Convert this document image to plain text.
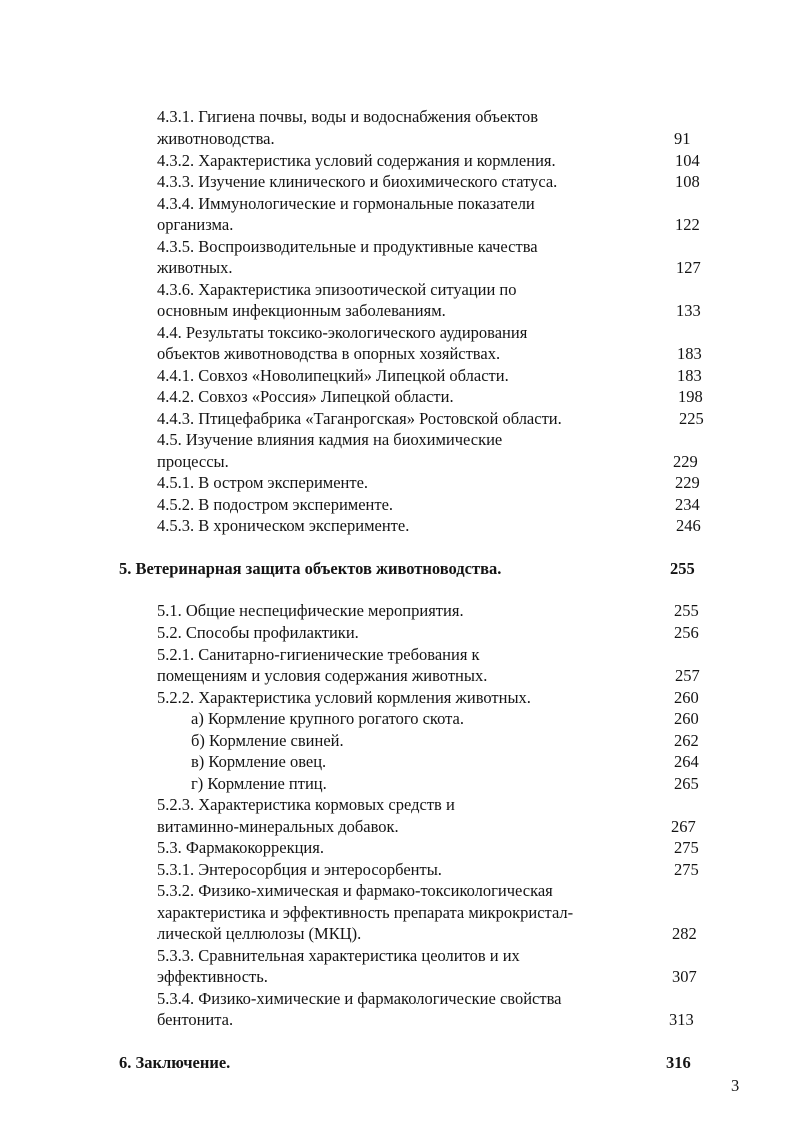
4.3.1. Гигиена почвы, воды и водоснабжения объектов
животноводства.	91
4.3.2. Характеристика условий содержания и кормления.	104
4.3.3. Изучение клинического и биохимического статуса.	108
4.3.4. Иммунологические и гормональные показатели
организма.	122
4.3.5. Воспроизводительные и продуктивные качества
животных.	127
4.3.6. Характеристика эпизоотической ситуации по
основным инфекционным заболеваниям.	133
4.4. Результаты токсико-экологического аудирования
объектов животноводства в опорных хозяйствах.	183
4.4.1. Совхоз «Новолипецкий» Липецкой области.	183
4.4.2. Совхоз «Россия» Липецкой области.	198
4.4.3. Птицефабрика «Таганрогская» Ростовской области.	225
4.5. Изучение влияния кадмия на биохимические
процессы.	229
4.5.1. В остром эксперименте.	229
4.5.2. В подостром эксперименте.	234
4.5.3. В хроническом эксперименте.	246
5. Ветеринарная защита объектов животноводства.	255
5.1. Общие неспецифические мероприятия.	255
5.2. Способы профилактики.	256
5.2.1. Санитарно-гигиенические требования к
помещениям и условия содержания животных.	257
5.2.2. Характеристика условий кормления животных.	260
а) Кормление крупного рогатого скота.	260
б) Кормление свиней.	262
в) Кормление овец.	264
г) Кормление птиц.	265
5.2.3. Характеристика кормовых средств и
витаминно-минеральных добавок.	267
5.3. Фармакокоррекция.	275
5.3.1. Энтеросорбция и энтеросорбенты.	275
5.3.2. Физико-химическая и фармако-токсикологическая
характеристика и эффективность препарата микрокристал-
лической целлюлозы (МКЦ).	282
5.3.3. Сравнительная характеристика цеолитов и их
эффективность.	307
5.3.4. Физико-химические и фармакологические свойства
бентонита.	313
6. Заключение.	316
3
